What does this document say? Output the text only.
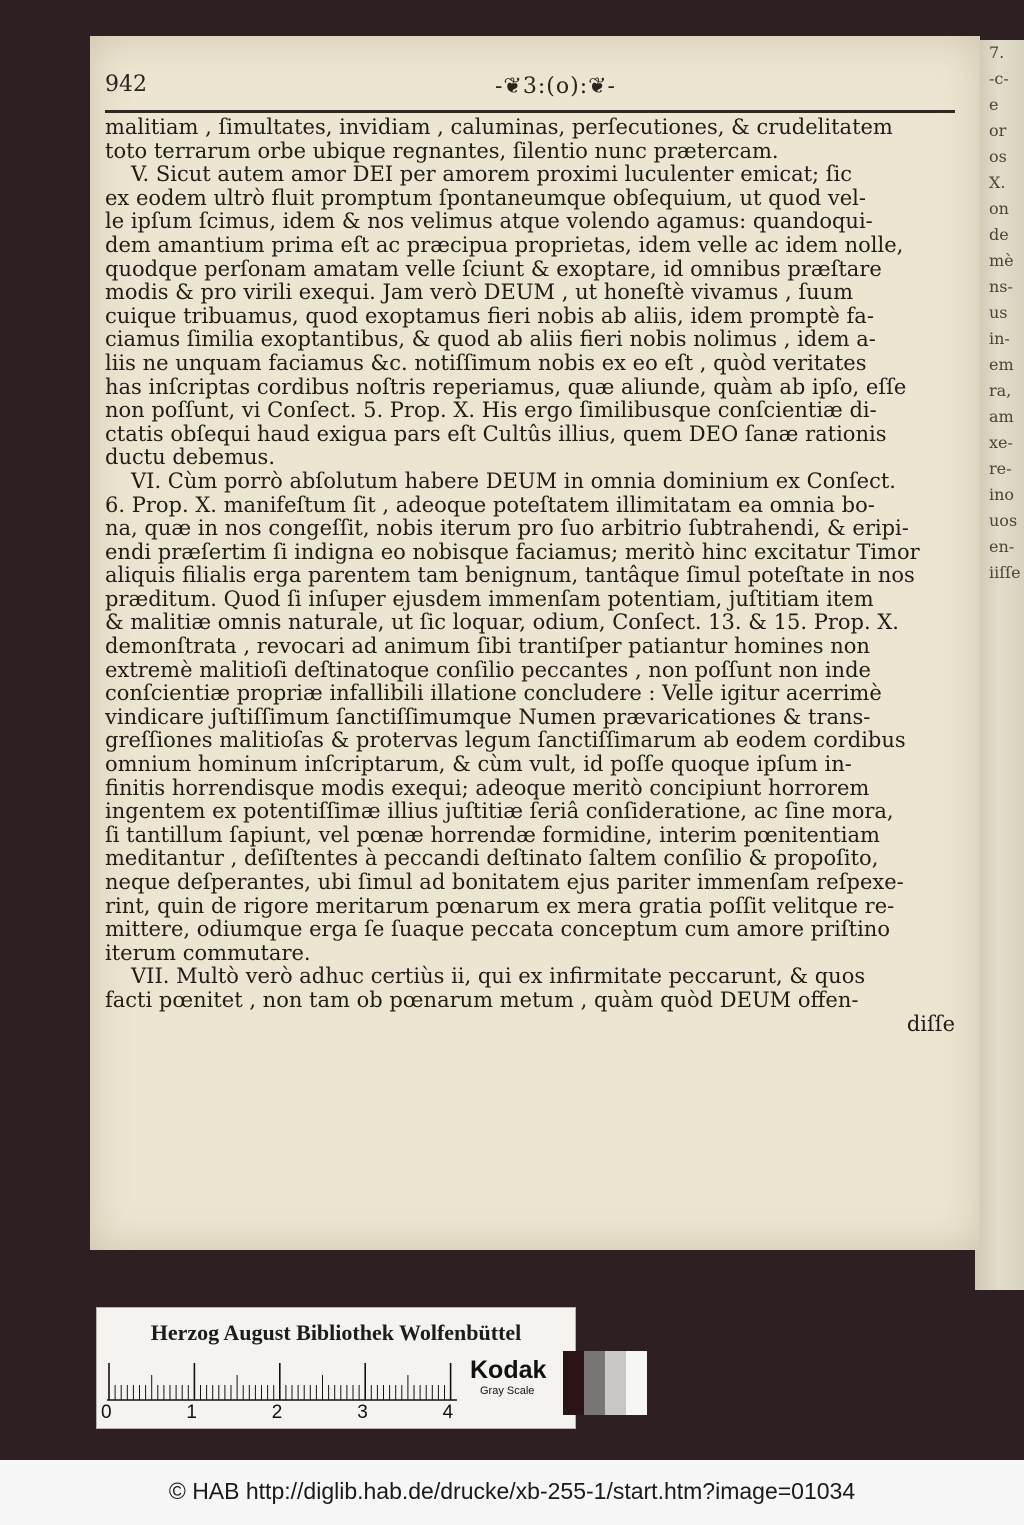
7.
-c-
e
or
os
X.
on
de
mè
ns-
us
in-
em
ra,
am
xe-
re-
ino
uos
en-
iiſſe
942	-❦3:(o):❦-
malitiam , ſimultates, invidiam , caluminas, perſecutiones, & crudelitatem
toto terrarum orbe ubique regnantes, ſilentio nunc prætercam.
V. Sicut autem amor DEI per amorem proximi luculenter emicat; ſic
ex eodem ultrò fluit promptum ſpontaneumque obſequium, ut quod vel-
le ipſum ſcimus, idem & nos velimus atque volendo agamus: quandoqui-
dem amantium prima eſt ac præcipua proprietas, idem velle ac idem nolle,
quodque perſonam amatam velle ſciunt & exoptare, id omnibus præſtare
modis & pro virili exequi. Jam verò DEUM , ut honeſtè vivamus , ſuum
cuique tribuamus, quod exoptamus fieri nobis ab aliis, idem promptè fa-
ciamus ſimilia exoptantibus, & quod ab aliis fieri nobis nolimus , idem a-
liis ne unquam faciamus &c. notiſſimum nobis ex eo eſt , quòd veritates
has inſcriptas cordibus noſtris reperiamus, quæ aliunde, quàm ab ipſo, eſſe
non poſſunt, vi Conſect. 5. Prop. X. His ergo ſimilibusque conſcientiæ di-
ctatis obſequi haud exigua pars eſt Cultûs illius, quem DEO ſanæ rationis
ductu debemus.
VI. Cùm porrò abſolutum habere DEUM in omnia dominium ex Conſect.
6. Prop. X. manifeſtum ſit , adeoque poteſtatem illimitatam ea omnia bo-
na, quæ in nos congeſſit, nobis iterum pro ſuo arbitrio ſubtrahendi, & eripi-
endi præſertim ſi indigna eo nobisque faciamus; meritò hinc excitatur Timor
aliquis filialis erga parentem tam benignum, tantâque ſimul poteſtate in nos
præditum. Quod ſi inſuper ejusdem immenſam potentiam, juſtitiam item
& malitiæ omnis naturale, ut ſic loquar, odium, Conſect. 13. & 15. Prop. X.
demonſtrata , revocari ad animum ſibi trantiſper patiantur homines non
extremè malitioſi deſtinatoque conſilio peccantes , non poſſunt non inde
conſcientiæ propriæ infallibili illatione concludere : Velle igitur acerrimè
vindicare juſtiſſimum ſanctiſſimumque Numen prævaricationes & trans-
greſſiones malitioſas & protervas legum ſanctiſſimarum ab eodem cordibus
omnium hominum inſcriptarum, & cùm vult, id poſſe quoque ipſum in-
finitis horrendisque modis exequi; adeoque meritò concipiunt horrorem
ingentem ex potentiſſimæ illius juſtitiæ ſeriâ conſideratione, ac ſine mora,
ſi tantillum ſapiunt, vel pœnæ horrendæ formidine, interim pœnitentiam
meditantur , deſiſtentes à peccandi deſtinato ſaltem conſilio & propoſito,
neque deſperantes, ubi ſimul ad bonitatem ejus pariter immenſam reſpexe-
rint, quin de rigore meritarum pœnarum ex mera gratia poſſit velitque re-
mittere, odiumque erga ſe ſuaque peccata conceptum cum amore priſtino
iterum commutare.
VII. Multò verò adhuc certiùs ii, qui ex infirmitate peccarunt, & quos
facti pœnitet , non tam ob pœnarum metum , quàm quòd DEUM offen-
diſſe
Herzog August Bibliothek Wolfenbüttel
0	1	2	3	4
Kodak
Gray Scale
© HAB http://diglib.hab.de/drucke/xb-255-1/start.htm?image=01034
